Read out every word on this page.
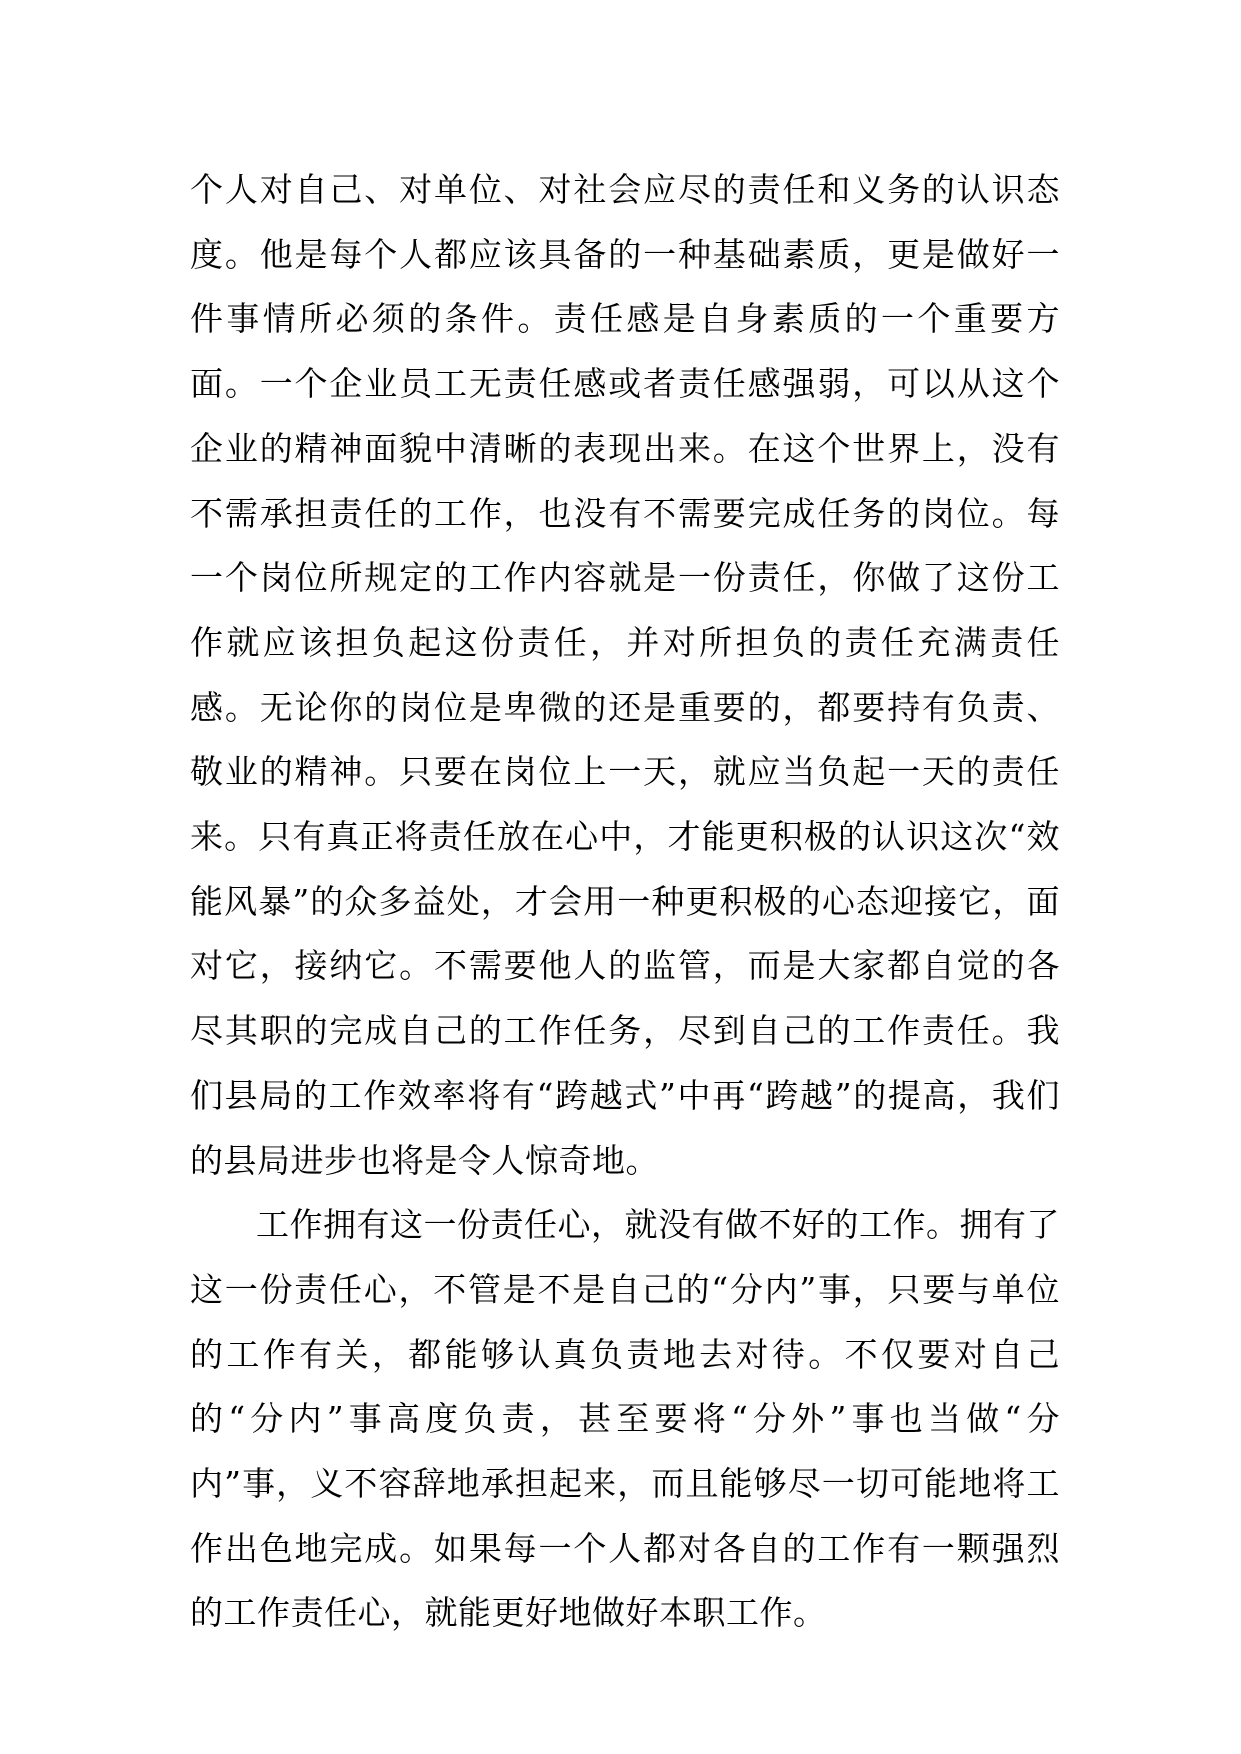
个人对自己、对单位、对社会应尽的责任和义务的认识态度。他是每个人都应该具备的一种基础素质，更是做好一件事情所必须的条件。责任感是自身素质的一个重要方面。一个企业员工无责任感或者责任感强弱，可以从这个企业的精神面貌中清晰的表现出来。在这个世界上，没有不需承担责任的工作，也没有不需要完成任务的岗位。每一个岗位所规定的工作内容就是一份责任，你做了这份工作就应该担负起这份责任，并对所担负的责任充满责任感。无论你的岗位是卑微的还是重要的，都要持有负责、敬业的精神。只要在岗位上一天，就应当负起一天的责任来。只有真正将责任放在心中，才能更积极的认识这次“效能风暴”的众多益处，才会用一种更积极的心态迎接它，面对它，接纳它。不需要他人的监管，而是大家都自觉的各尽其职的完成自己的工作任务，尽到自己的工作责任。我们县局的工作效率将有“跨越式”中再“跨越”的提高，我们的县局进步也将是令人惊奇地。

工作拥有这一份责任心，就没有做不好的工作。拥有了这一份责任心，不管是不是自己的“分内”事，只要与单位的工作有关，都能够认真负责地去对待。不仅要对自己的“分内”事高度负责，甚至要将“分外”事也当做“分内”事，义不容辞地承担起来，而且能够尽一切可能地将工作出色地完成。如果每一个人都对各自的工作有一颗强烈的工作责任心，就能更好地做好本职工作。
